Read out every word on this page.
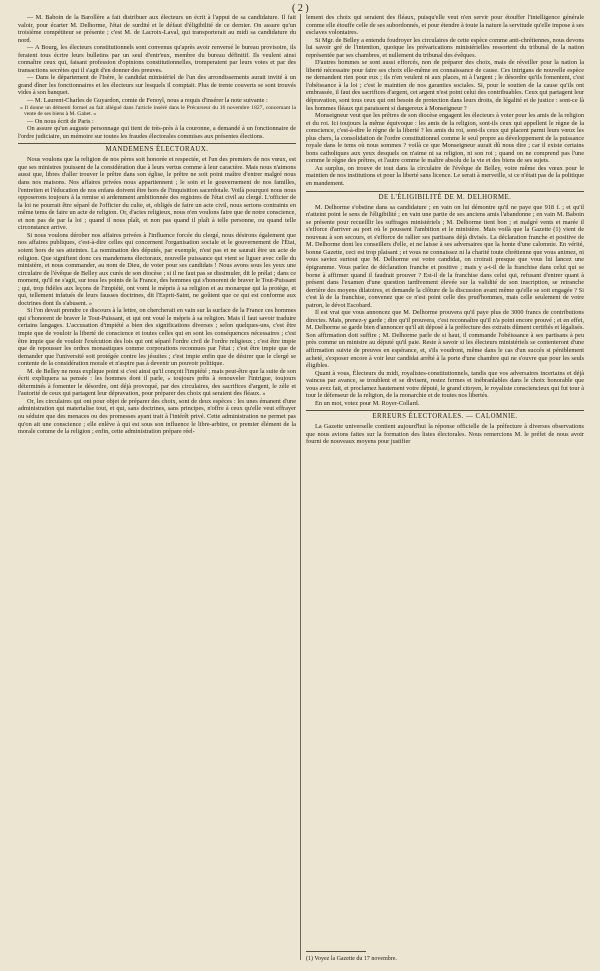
( 2 )

— M. Baboin de la Barollère a fait distribuer aux électeurs un écrit à l'appui de sa candidature. Il fait valoir, pour écarter M. Delhorme, l'état de surdité et le défaut d'éligibilité de ce dernier. On assure qu'un troisième compétiteur se présente ; c'est M. de Lacroix-Laval, qui transporterait au midi sa candidature du nord.

— A Bourg, les électeurs constitutionnels sont convenus qu'après avoir renversé le bureau provisoire, ils feraient tous écrire leurs bulletins par un seul d'entr'eux, membre du bureau définitif. Ils veulent ainsi connaître ceux qui, faisant profession d'opinions constitutionnelles, tromperaient par leurs votes et par des transactions secrètes qui il s'agit d'en donner des preuves.

— Dans le département de l'Isère, le candidat ministériel de l'un des arrondissements aurait invité à un grand dîner les fonctionnaires et les électeurs sur lesquels il comptait. Plus de trente couverts se sont trouvés vides à son banquet.

— M. Laurent-Charles de Guyardon, comte de Fenoyl, nous a requis d'insérer la note suivante :

« Il donne un démenti formel au fait allégué dans l'article inséré dans le Précurseur du 16 novembre 1827, concernant la vente de ses biens à M. Gabet. »

— On nous écrit de Paris :

On assure qu'un auguste personnage qui tient de très-près à la couronne, a demandé à un fonctionnaire de l'ordre judiciaire, un mémoire sur toutes les fraudes électorales commises aux présentes élections.

MANDEMENS ÉLECTORAUX.

Nous voulons que la religion de nos pères soit honorée et respectée, et l'un des premiers de nos vœux, est que ses ministres jouissent de la considération due à leurs vertus comme à leur caractère. Mais nous n'aimons aussi que, libres d'aller trouver le prêtre dans son église, le prêtre ne soit point maître d'entrer malgré nous dans nos maisons. Nos affaires privées nous appartiennent ; le soin et le gouvernement de nos familles, l'entretien et l'éducation de nos enfans doivent être hors de l'inquisition sacerdotale. Voilà pourquoi nous nous opposerons toujours à la remise si ardemment ambitionnée des registres de l'état civil au clergé. L'officier de la loi ne pourrait être séparé de l'officier du culte, et, obligés de faire un acte civil, nous serions contraints en même tems de faire un acte de religion. Or, d'actes religieux, nous n'en voulons faire que de notre conscience, et non pas de par la loi ; quand il nous plaît, et non pas quand il plaît à telle personne, ou quand telle circonstance arrive.

Si nous voulons dérober nos affaires privées à l'influence forcée du clergé, nous désirons également que nos affaires publiques, c'est-à-dire celles qui concernent l'organisation sociale et le gouvernement de l'État, soient hors de ses atteintes. La nomination des députés, par exemple, n'est pas et ne saurait être un acte de religion. Que signifient donc ces mandemens électoraux, nouvelle puissance qui vient se liguer avec celle du ministère, et nous commander, au nom de Dieu, de voter pour ses candidats ! Nous avons sous les yeux une circulaire de l'évêque de Belley aux curés de son diocèse ; si il ne faut pas se dissimuler, dit le prélat ; dans ce moment, qu'il ne s'agit, sur tous les points de la France, des hommes qui s'honorent de braver le Tout-Puissant ; qui, trop fidèles aux leçons de l'impiété, ont vomi le mépris à sa religion et au monarque qui la protège, et qui, tellement infatués de leurs fausses doctrines, dit l'Esprit-Saint, ne goûtent que ce qui est conforme aux doctrines dont ils s'abusent. »

Si l'on devait prendre ce discours à la lettre, on chercherait en vain sur la surface de la France ces hommes qui s'honorent de braver le Tout-Puissant, et qui ont voué le mépris à sa religion. Mais il faut savoir traduire certains langages. L'accusation d'impiété a bien des significations diverses ; selon quelques-uns, c'est être impie que de vouloir la liberté de conscience et toutes celles qui en sont les conséquences nécessaires ; c'est être impie que de vouloir l'exécution des lois qui ont séparé l'ordre civil de l'ordre religieux ; c'est être impie que de repousser les ordres monastiques comme corporations reconnues par l'état ; c'est être impie que de demander que l'université soit protégée contre les jésuites ; c'est impie enfin que de désirer que le clergé se contente de la considération morale et n'aspire pas à devenir un pouvoir politique.

M. de Belley ne nous explique point si c'est ainsi qu'il conçoit l'impiété ; mais peut-être que la suite de son écrit expliquera sa pensée : les hommes dont il parle, « toujours prêts à renouveler l'intrigue, toujours déterminés à fomenter le désordre, ont déjà provoqué, par des circulaires, des sacrifices d'argent, le zèle et l'autorité de ceux qui partagent leur dépravation, pour préparer des choix qui seraient des fléaux. »

Or, les circulaires qui ont pour objet de préparer des choix, sont de deux espèces : les unes émanent d'une administration qui materialise tout, et qui, sans doctrines, sans principes, n'offre à ceux qu'elle veut effrayer ou séduire que des menaces ou des promesses ayant trait à l'intérêt privé. Cette administration ne permet pas qu'on ait une conscience ; elle enlève à qui est sous son influence le libre-arbitre, ce premier élément de la morale comme de la religion ; enfin, cette administration prépare réel-

lement des choix qui seraient des fléaux, puisqu'elle veut n'en servir pour étouffer l'intelligence générale comme elle étouffe celle de ses subordonnés, et pour étendre à toute la nature la servitude qu'elle impose à ses esclaves volontaires.

Si Mgr. de Belley a entendu foudroyer les circulaires de cette espèce comme anti-chrétiennes, nous devons lui savoir gré de l'intention, quoique les prévarications ministérielles ressortent du tribunal de la nation représentée par ses chambres, et nullement du tribunal des évêques.

D'autres hommes se sont aussi efforcés, non de préparer des choix, mais de réveiller pour la nation la liberté nécessaire pour faire ses choix elle-même en connaissance de cause. Ces intrigans de nouvelle espèce ne demandent rien pour eux ; ils n'en veulent ni aux places, ni à l'argent ; le désordre qu'ils fomentent, c'est l'obéissance à la loi ; c'est le maintien de nos garanties sociales. Si, pour le soutien de la cause qu'ils ont embrassée, il faut des sacrifices d'argent, cet argent n'est point celui des contribuables. Ceux qui partagent leur dépravation, sont tous ceux qui ont besoin de protection dans leurs droits, de légalité et de justice : sont-ce là les hommes fléaux qui paraissent si dangereux à Monseigneur ?

Monseigneur veut que les prêtres de son diocèse engagent les électeurs à voter pour les amis de la religion et du roi. Ici toujours la même équivoque : les amis de la religion, sont-ils ceux qui appellent le règne de la conscience, c'est-à-dire le règne de la liberté ? les amis du roi, sont-ils ceux qui placent parmi leurs vœux les plus chers, la consolidation de l'ordre constitutionnel comme le seul propre au développement de la puissance royale dans le tems où nous sommes ? voilà ce que Monseigneur aurait dû nous dire ; car il existe certains bons catholiques aux yeux desquels on n'aime ni sa religion, ni son roi ; quand on ne comprend pas l'une comme le règne des prêtres, et l'autre comme le maître absolu de la vie et des biens de ses sujets.

Au surplus, on trouve de tout dans la circulaire de l'évêque de Belley, voire même des vœux pour le maintien de nos institutions et pour la liberté sans licence. Le serait à merveille, si ce n'était pas de la politique en mandement.

DE L'ÉLIGIBILITÉ DE M. DELHORME.

M. Delhorme s'obstine dans sa candidature ; en vain on lui démontre qu'il ne paye que 918 f. ; et qu'il n'atteint point le sens de l'éligibilité ; en vain une partie de ses anciens amis l'abandonne ; en vain M. Baboin se présente pour recueillir les suffrages ministériels ; M. Delhorme tient bon ; et malgré vents et marée il s'efforce d'arriver au port où le poussent l'ambition et le ministère. Mais voilà que la Gazette (1) vient de nouveau à son secours, et s'efforce de rallier ses partisans déjà divisés. La déclaration franche et positive de M. Delhorme dont les conseillers d'elle, et ne laisse à ses adversaires que la honte d'une calomnie. En vérité, bonne Gazette, ceci est trop plaisant ; et vous ne connaissez ni la charité toute chrétienne que vous animez, ni vous saviez surtout que M. Delhorme est votre candidat, on croirait presque que vous lui lancez une épigramme. Vous parlez de déclaration franche et positive ; mais y a-t-il de la franchise dans celui qui se borne à affirmer quand il faudrait prouver ? Est-il de la franchise dans celui qui, refusant d'entrer quant à présent dans l'examen d'une question tardivement élevée sur la validité de son inscription, se retranche derrière des moyens dilatoires, et demande la clôture de la discussion avant même qu'elle se soit engagée ? Si c'est là de la franchise, convenez que ce n'est point celle des prud'hommes, mais celle seulement de votre patron, le dévot Escobard.

Il est vrai que vous annoncez que M. Delhorme prouvera qu'il paye plus de 3000 francs de contributions directes. Mais, prenez-y garde ; dire qu'il prouvera, c'est reconnaître qu'il n'a point encore prouvé ; et en effet, M. Delhorme se garde bien d'annoncer qu'il ait déposé à la préfecture des extraits dûment certifiés et légalisés. Son affirmation doit suffire ; M. Delhorme parle de si haut, il commande l'obéissance à ses partisans à peu près comme un ministre au député qu'il paie. Reste à savoir si les électeurs ministériels se contenteront d'une affirmation suivie de preuves en espérance, et, s'ils voudront, même dans le cas d'un succès si péniblement acheté, s'exposer encore à voir leur candidat arrêté à la porte d'une chambre qui ne s'ouvre que pour les seuls éligibles.

Quant à vous, Électeurs du midi, royalistes-constitutionnels, tandis que vos adversaires incertains et déjà vaincus par avance, se troublent et se divisent, restez fermes et inébranlables dans le choix honorable que vous avez fait, et proclamez hautement votre député, le grand citoyen, le royaliste consciencieux qui fut tour à tour le défenseur de la religion, de la monarchie et de toutes nos libertés.

En un mot, votez pour M. Royer-Collard.

ERREURS ÉLECTORALES. — CALOMNIE.

La Gazette universelle contient aujourd'hui la réponse officielle de la préfecture à diverses observations que nous avions faites sur la formation des listes électorales. Nous remercions M. le préfet de nous avoir fourni de nouveaux moyens pour justifier

(1) Voyez la Gazette du 17 novembre.
